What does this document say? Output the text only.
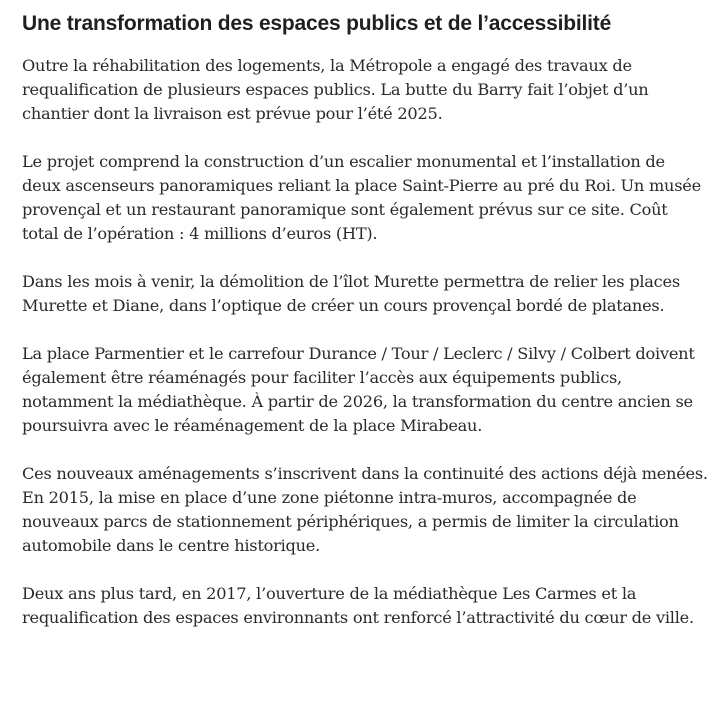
Une transformation des espaces publics et de l’accessibilité

Outre la réhabilitation des logements, la Métropole a engagé des travaux de requalification de plusieurs espaces publics. La butte du Barry fait l’objet d’un chantier dont la livraison est prévue pour l’été 2025.

Le projet comprend la construction d’un escalier monumental et l’installation de deux ascenseurs panoramiques reliant la place Saint-Pierre au pré du Roi. Un musée provençal et un restaurant panoramique sont également prévus sur ce site. Coût total de l’opération : 4 millions d’euros (HT).

Dans les mois à venir, la démolition de l’îlot Murette permettra de relier les places Murette et Diane, dans l’optique de créer un cours provençal bordé de platanes.

La place Parmentier et le carrefour Durance / Tour / Leclerc / Silvy / Colbert doivent également être réaménagés pour faciliter l’accès aux équipements publics, notamment la médiathèque. À partir de 2026, la transformation du centre ancien se poursuivra avec le réaménagement de la place Mirabeau.

Ces nouveaux aménagements s’inscrivent dans la continuité des actions déjà menées. En 2015, la mise en place d’une zone piétonne intra-muros, accompagnée de nouveaux parcs de stationnement périphériques, a permis de limiter la circulation automobile dans le centre historique.

Deux ans plus tard, en 2017, l’ouverture de la médiathèque Les Carmes et la requalification des espaces environnants ont renforcé l’attractivité du cœur de ville.
